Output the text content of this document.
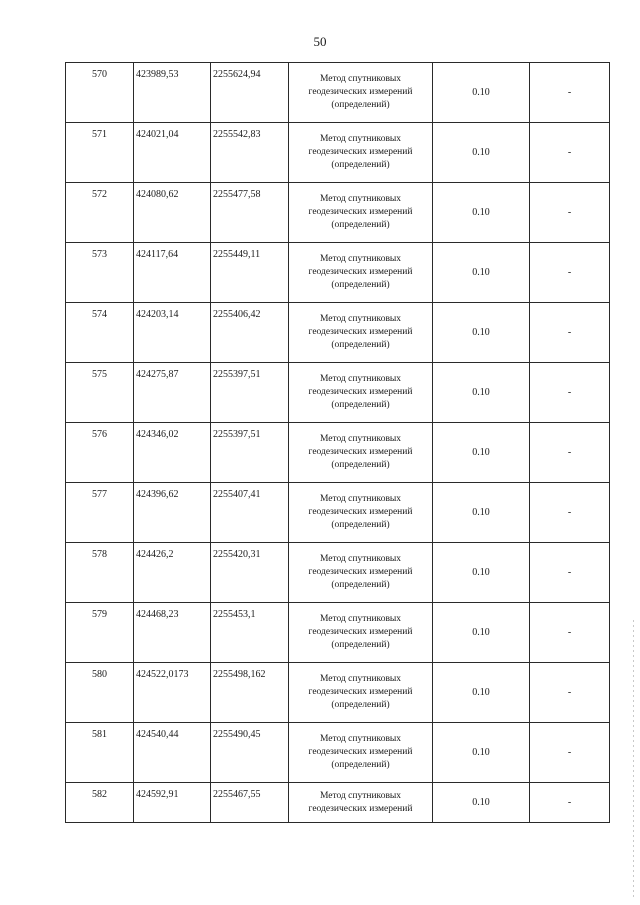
50
570	423989,53	2255624,94	Метод спутниковых
геодезических измерений
(определений)	0.10	-
571	424021,04	2255542,83	Метод спутниковых
геодезических измерений
(определений)	0.10	-
572	424080,62	2255477,58	Метод спутниковых
геодезических измерений
(определений)	0.10	-
573	424117,64	2255449,11	Метод спутниковых
геодезических измерений
(определений)	0.10	-
574	424203,14	2255406,42	Метод спутниковых
геодезических измерений
(определений)	0.10	-
575	424275,87	2255397,51	Метод спутниковых
геодезических измерений
(определений)	0.10	-
576	424346,02	2255397,51	Метод спутниковых
геодезических измерений
(определений)	0.10	-
577	424396,62	2255407,41	Метод спутниковых
геодезических измерений
(определений)	0.10	-
578	424426,2	2255420,31	Метод спутниковых
геодезических измерений
(определений)	0.10	-
579	424468,23	2255453,1	Метод спутниковых
геодезических измерений
(определений)	0.10	-
580	424522,0173	2255498,162	Метод спутниковых
геодезических измерений
(определений)	0.10	-
581	424540,44	2255490,45	Метод спутниковых
геодезических измерений
(определений)	0.10	-
582	424592,91	2255467,55	Метод спутниковых
геодезических измерений	0.10	-
